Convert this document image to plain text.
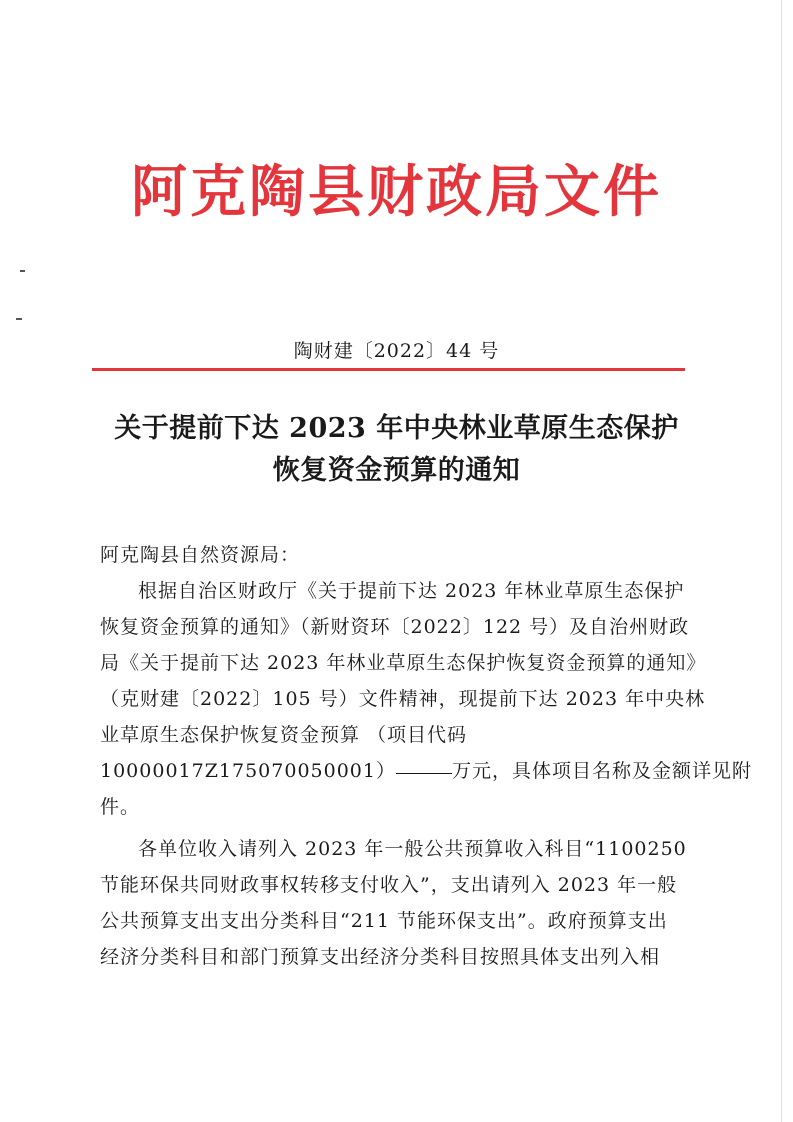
阿克陶县财政局文件
陶财建〔2022〕44 号
关于提前下达 2023 年中央林业草原生态保护
恢复资金预算的通知
阿克陶县自然资源局：
根据自治区财政厅《关于提前下达 2023 年林业草原生态保护
恢复资金预算的通知》（新财资环〔2022〕122 号）及自治州财政
局《关于提前下达 2023 年林业草原生态保护恢复资金预算的通知》
（克财建〔2022〕105 号）文件精神，现提前下达 2023 年中央林
业草原生态保护恢复资金预算 （项目代码
10000017Z175070050001）	万元，具体项目名称及金额详见附
件。
各单位收入请列入 2023 年一般公共预算收入科目“1100250
节能环保共同财政事权转移支付收入”，支出请列入 2023 年一般
公共预算支出支出分类科目“211 节能环保支出”。政府预算支出
经济分类科目和部门预算支出经济分类科目按照具体支出列入相
